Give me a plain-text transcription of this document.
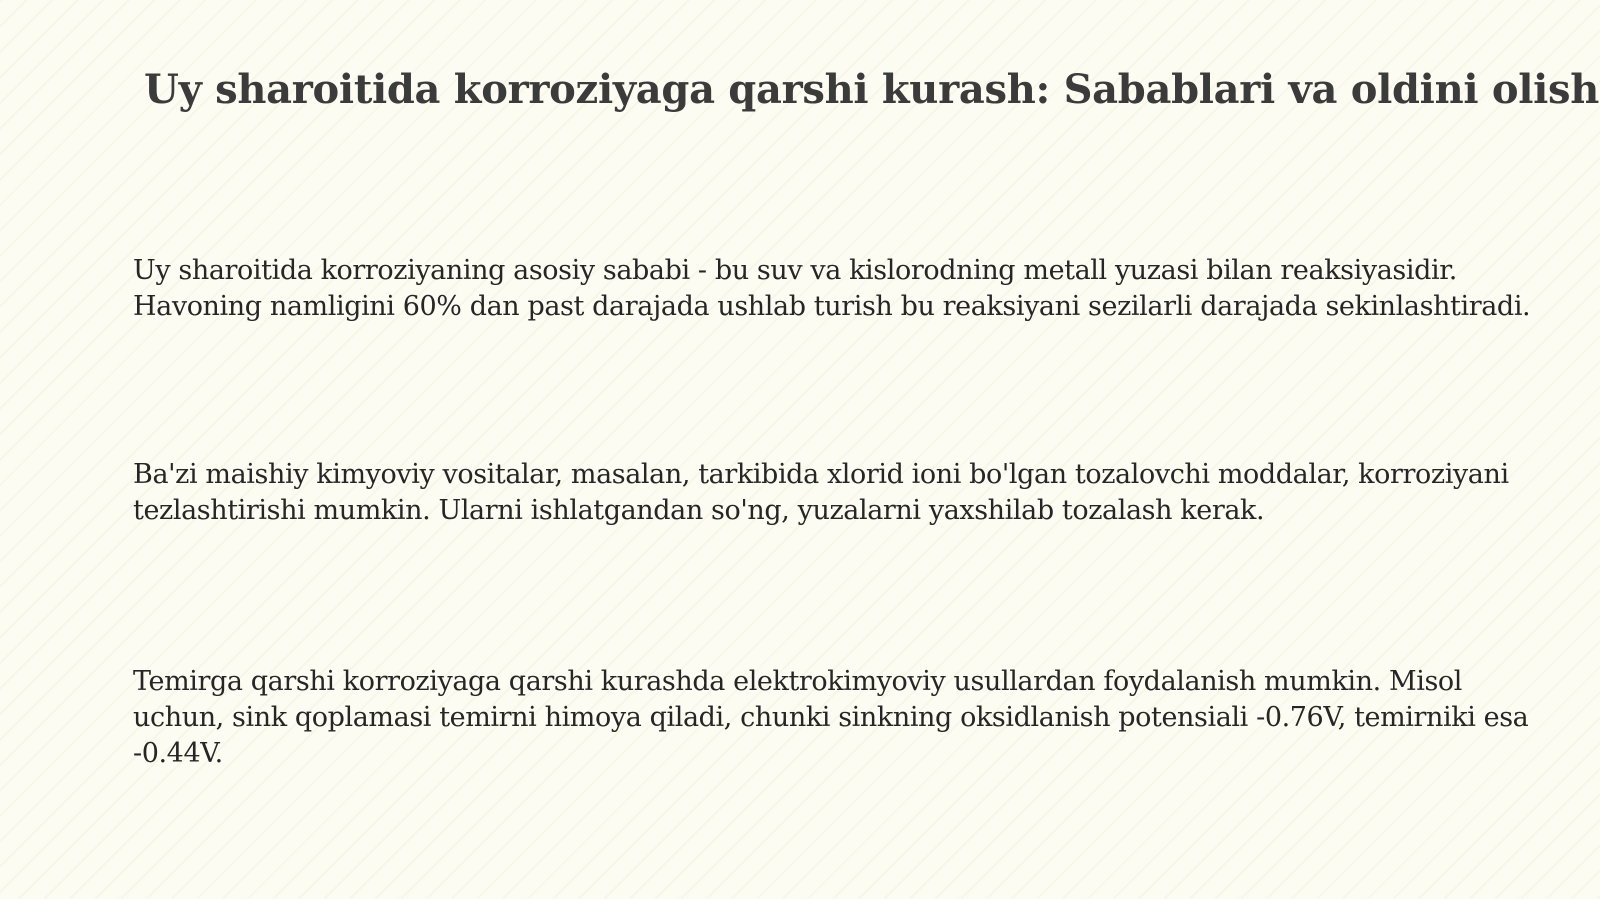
Uy sharoitida korroziyaga qarshi kurash: Sabablari va oldini olish

Uy sharoitida korroziyaning asosiy sababi - bu suv va kislorodning metall yuzasi bilan reaksiyasidir. Havoning namligini 60% dan past darajada ushlab turish bu reaksiyani sezilarli darajada sekinlashtiradi.

Ba'zi maishiy kimyoviy vositalar, masalan, tarkibida xlorid ioni bo'lgan tozalovchi moddalar, korroziyani tezlashtirishi mumkin. Ularni ishlatgandan so'ng, yuzalarni yaxshilab tozalash kerak.

Temirga qarshi korroziyaga qarshi kurashda elektrokimyoviy usullardan foydalanish mumkin. Misol uchun, sink qoplamasi temirni himoya qiladi, chunki sinkning oksidlanish potensiali -0.76V, temirniki esa -0.44V.
